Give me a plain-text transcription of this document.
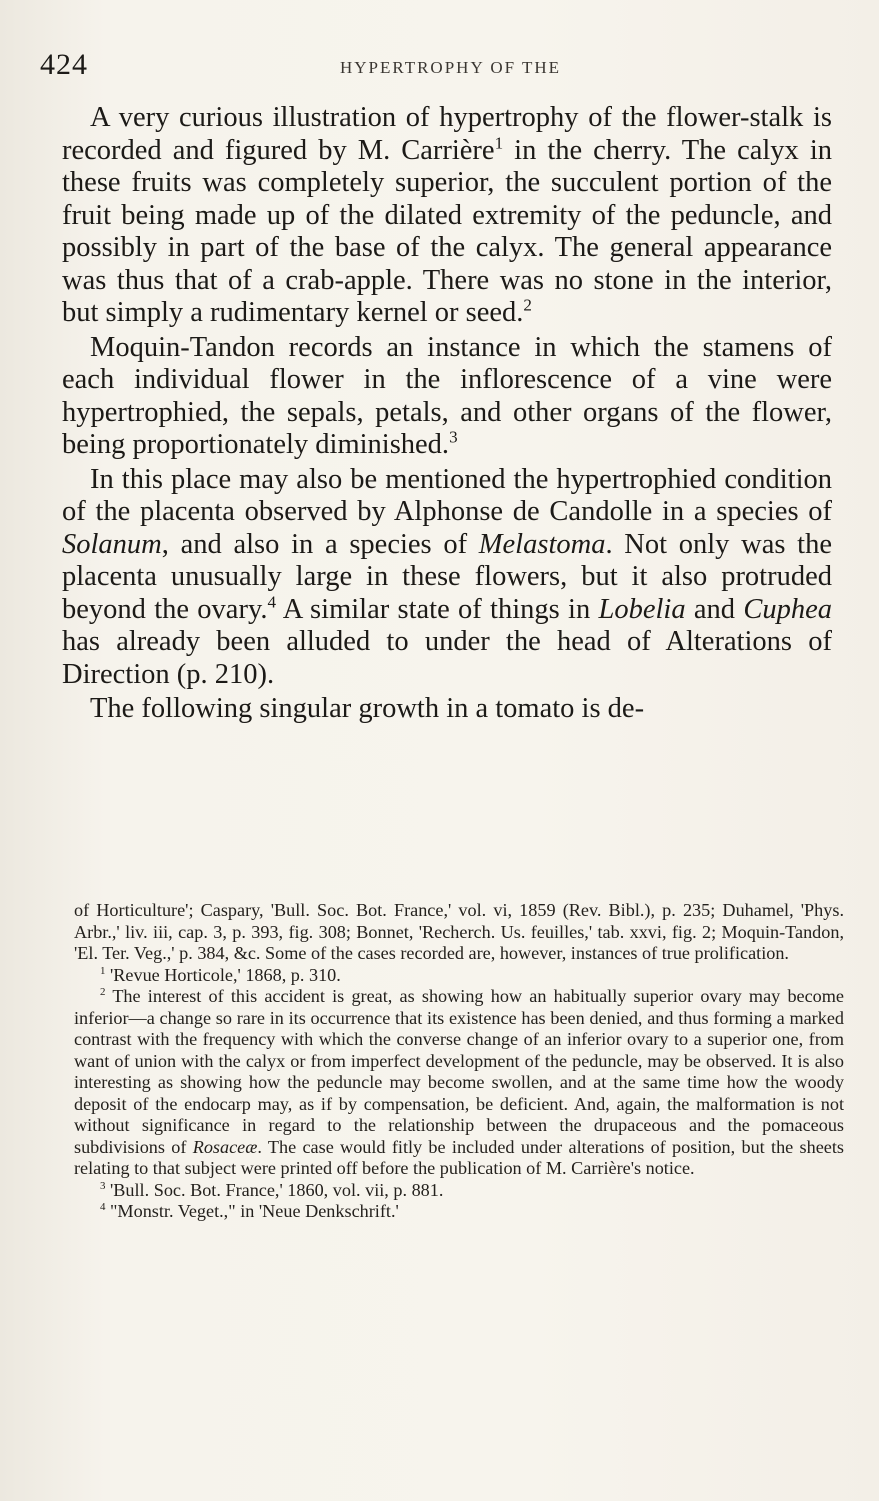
424	HYPERTROPHY OF THE

A very curious illustration of hypertrophy of the flower-stalk is recorded and figured by M. Carrière$^1$ in the cherry. The calyx in these fruits was completely superior, the succulent portion of the fruit being made up of the dilated extremity of the peduncle, and possibly in part of the base of the calyx. The general appearance was thus that of a crab-apple. There was no stone in the interior, but simply a rudimentary kernel or seed.$^2$

Moquin-Tandon records an instance in which the stamens of each individual flower in the inflorescence of a vine were hypertrophied, the sepals, petals, and other organs of the flower, being proportionately diminished.$^3$

In this place may also be mentioned the hypertrophied condition of the placenta observed by Alphonse de Candolle in a species of Solanum, and also in a species of Melastoma. Not only was the placenta unusually large in these flowers, but it also protruded beyond the ovary.$^4$ A similar state of things in Lobelia and Cuphea has already been alluded to under the head of Alterations of Direction (p. 210).

The following singular growth in a tomato is de-

of Horticulture'; Caspary, 'Bull. Soc. Bot. France,' vol. vi, 1859 (Rev. Bibl.), p. 235; Duhamel, 'Phys. Arbr.,' liv. iii, cap. 3, p. 393, fig. 308; Bonnet, 'Recherch. Us. feuilles,' tab. xxvi, fig. 2; Moquin-Tandon, 'El. Ter. Veg.,' p. 384, &c. Some of the cases recorded are, however, instances of true prolification.

$^1$ 'Revue Horticole,' 1868, p. 310.

$^2$ The interest of this accident is great, as showing how an habitually superior ovary may become inferior—a change so rare in its occurrence that its existence has been denied, and thus forming a marked contrast with the frequency with which the converse change of an inferior ovary to a superior one, from want of union with the calyx or from imperfect development of the peduncle, may be observed. It is also interesting as showing how the peduncle may become swollen, and at the same time how the woody deposit of the endocarp may, as if by compensation, be deficient. And, again, the malformation is not without significance in regard to the relationship between the drupaceous and the pomaceous subdivisions of Rosaceæ. The case would fitly be included under alterations of position, but the sheets relating to that subject were printed off before the publication of M. Carrière's notice.

$^3$ 'Bull. Soc. Bot. France,' 1860, vol. vii, p. 881.

$^4$ "Monstr. Veget.," in 'Neue Denkschrift.'
